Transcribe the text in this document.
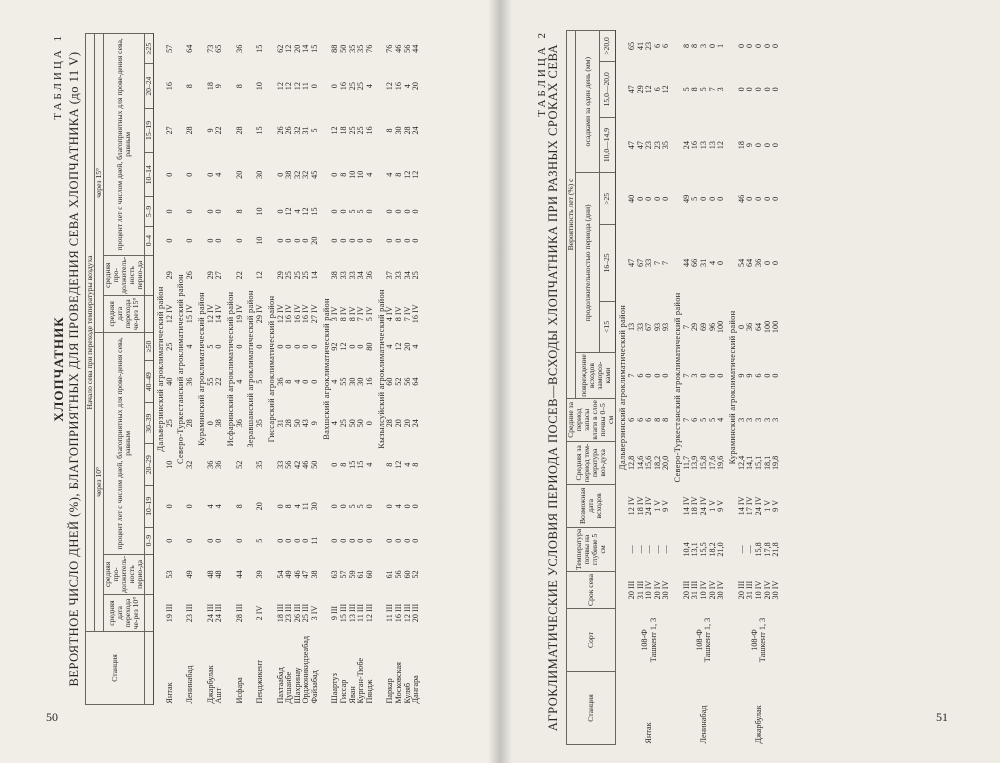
ТАБЛИЦА 1
ХЛОПЧАТНИК ВЕРОЯТНОЕ ЧИСЛО ДНЕЙ (%), БЛАГОПРИЯТНЫХ ДЛЯ ПРОВЕДЕНИЯ СЕВА ХЛОПЧАТНИКА (до 11 V)	Станция	Начало сева при переходе температуры воздуха															
	через 10°								через 15°							
	средняя дата перехода че-рез 10°	средняя про-должитель-ность перио-да	процент лет с числом дней, благоприятных для прове-дения сева, равным						средняя дата перехода че-рез 15°	средняя про-должитель-ность перио-да	процент лет с числом дней, благоприятных для прове-дения сева, равным					
			0–9	10–19	20–29	30–39	40–49	≥50			0–4	5–9	10–14	15–19	20–24	≥25
Дальверзинский агроклиматический район																
Янтак	19 III	53	0	0	10	25	40	25	12 IV	29	0	0	0	27	16	57
Северо-Туркестанский агроклиматический район																
Ленинабад	23 III	49	0	0	32	28	36	4	15 IV	26	0	0	0	28	8	64
Кураминский агроклиматический район																
Джарбулак	24 III	48	0	4	36	0	55	5	12 IV	29	0	0	0	9	18	73
Ашт	24 III	48	0	4	36	38	22	0	14 IV	27	0	0	4	22	9	65
Исфаринский агроклиматический район																
Исфара	28 III	44	0	8	52	36	4	0	19 IV	22	0	8	20	28	8	36
Зеравшанский агроклиматический район																
Пенджикент	2 IV	39	5	20	35	35	5	0	29 IV	12	10	10	30	15	10	15
Гиссарский агроклиматический район																
Пахтаабад	18 III	54	0	0	33	31	36	0	12 IV	29	0	0	0	26	12	62
Душанбе	23 III	49	0	8	56	28	8	0	16 IV	25	0	12	38	26	12	12
Шахринау	26 III	46	0	4	42	50	4	0	16 IV	25	0	4	32	32	12	20
Орджоникидзеабад	25 III	47	0	11	46	43	0	0	16 IV	25	0	12	32	31	11	14
Файзабад	3 IV	38	11	30	50	9	0	0	27 IV	14	20	15	45	5	0	15
Вахшский агроклиматический район																
Шаартуз	9 III	63	0	0	0	4	4	92	3 IV	38	0	0	0	12	0	88
Гиссар	15 III	57	0	0	8	25	55	12	8 IV	33	0	0	8	18	16	50
Яван	13 III	59	0	5	15	50	30	0	8 IV	33	0	5	10	25	25	35
Курган-Тюбе	11 III	61	0	5	15	50	30	0	7 IV	34	0	5	10	25	25	35
Пяндж	12 III	60	0	0	4	0	16	80	5 IV	36	0	0	4	16	4	76
Кызылсуйский агроклиматический район																
Паркар	11 III	61	0	0	8	28	60	4	4 IV	37	0	0	4	8	12	76
Московская	16 III	56	0	4	12	20	52	12	8 IV	33	0	0	8	30	16	46
Куляб	12 III	60	0	0	4	20	56	20	7 IV	34	0	0	12	28	4	56
Дангара	20 III	52	0	0	8	24	64	4	16 IV	25	0	0	12	24	20	44
50
ТАБЛИЦА 2
АГРОКЛИМАТИЧЕСКИЕ УСЛОВИЯ ПЕРИОДА ПОСЕВ—ВСХОДЫ ХЛОПЧАТНИКА ПРИ РАЗНЫХ СРОКАХ СЕВА	Станция	Сорт	Срок сева	Температура почвы на глубине 5 см	Возможная дата всходов	Средняя за период тем-пература воз-духа	Средние за период запасы влаги в слое почвы 0–5 см	Вероятность лет (%) с						
							повреждение всходов замороз-ками	продолжительностью периода (дни)			осадками за один день (мм)		
								<15	16–25	>25	10,0—14,9	15,0—20,0	>20,0
Дальверзинский агроклиматический район													
Янтак	108-Ф Ташкент 1, 3	20 III	—	12 IV	12,8	6	7	13	47	40	47	47	65
		31 III	—	18 IV	14,6	6	6	33	67	0	47	29	41
		10 IV	—	24 IV	15,6	6	0	67	33	0	23	12	23
		20 IV	—	1 V	18,2	8	0	93	7	0	23	6	6
		30 IV	—	9 V	20,0	8	0	93	7	0	35	12	6
Северо-Туркестанский агроклиматический район													
Ленинабад	108-Ф Ташкент 1, 3	20 III	10,4	14 IV	11,7	7	7	7	44	49	24	5	8
		31 III	13,1	18 IV	13,9	6	3	29	66	5	16	8	8
		10 IV	15,5	24 IV	15,8	5	0	69	31	0	13	5	3
		20 IV	18,2	1 V	17,6	5	0	96	4	0	13	7	0
		30 IV	21,0	9 V	19,6	4	0	100	0	0	12	3	1
Кураминский агроклиматический район													
Джарбулак	108-Ф Ташкент 1, 3	20 III	—	14 IV	12,4	3	9	0	54	46	18	0	0
		31 III	—	17 IV	14,1	3	9	36	64	0	9	0	0
		10 IV	15,8	24 IV	15,1	3	6	64	36	0	0	0	0
		20 IV	17,8	1 V	18,1	3	0	100	0	0	0	0	0
		30 IV	21,8	9 V	19,8	3	0	100	0	0	0	0	0
51
